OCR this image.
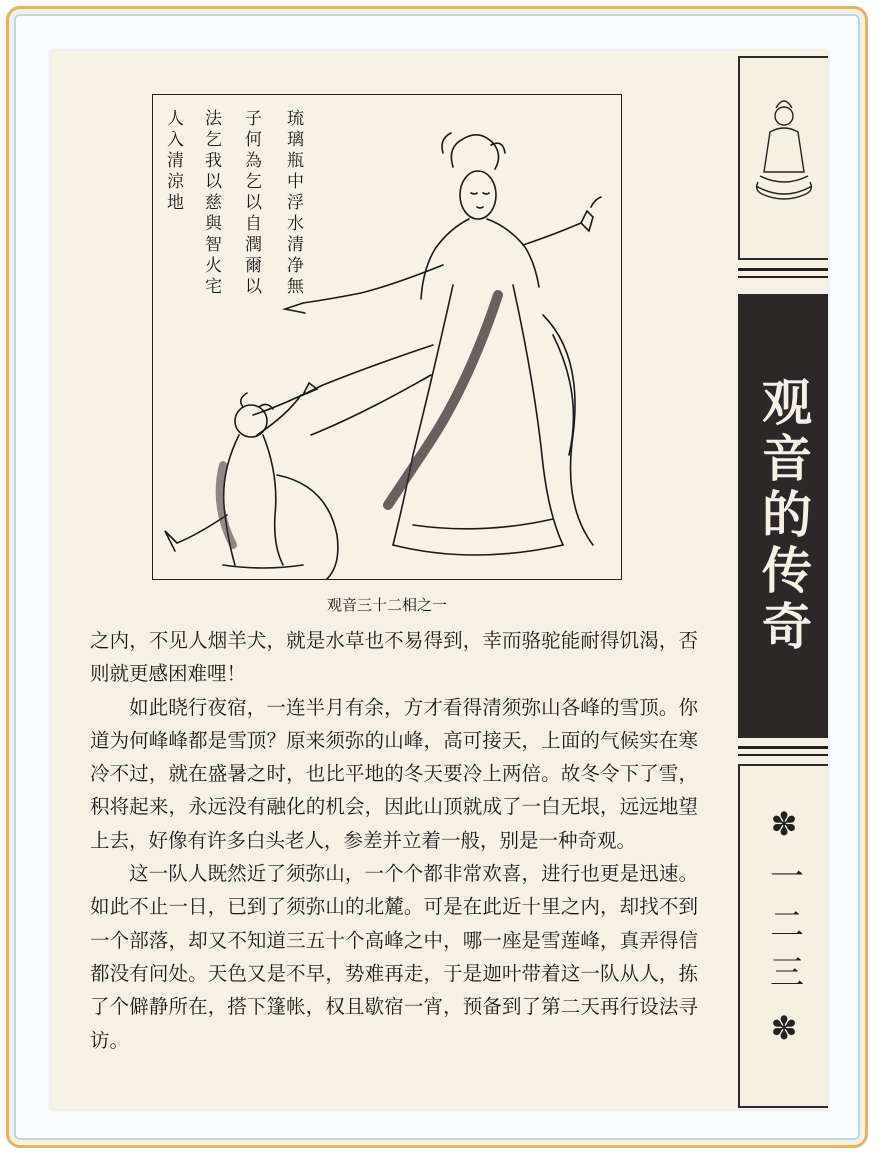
琉璃瓶中浮水清净無
子何為乞以自潤爾以
法乞我以慈與智火宅
人入清涼地
观音三十二相之一

之内，不见人烟羊犬，就是水草也不易得到，幸而骆驼能耐得饥渴，否则就更感困难哩！

如此晓行夜宿，一连半月有余，方才看得清须弥山各峰的雪顶。你道为何峰峰都是雪顶？原来须弥的山峰，高可接天，上面的气候实在寒冷不过，就在盛暑之时，也比平地的冬天要冷上两倍。故冬令下了雪，积将起来，永远没有融化的机会，因此山顶就成了一白无垠，远远地望上去，好像有许多白头老人，参差并立着一般，别是一种奇观。

这一队人既然近了须弥山，一个个都非常欢喜，进行也更是迅速。如此不止一日，已到了须弥山的北麓。可是在此近十里之内，却找不到一个部落，却又不知道三五十个高峰之中，哪一座是雪莲峰，真弄得信都没有问处。天色又是不早，势难再走，于是迦叶带着这一队从人，拣了个僻静所在，搭下篷帐，权且歇宿一宵，预备到了第二天再行设法寻访。

观音的传奇
✽
一二三
✽
